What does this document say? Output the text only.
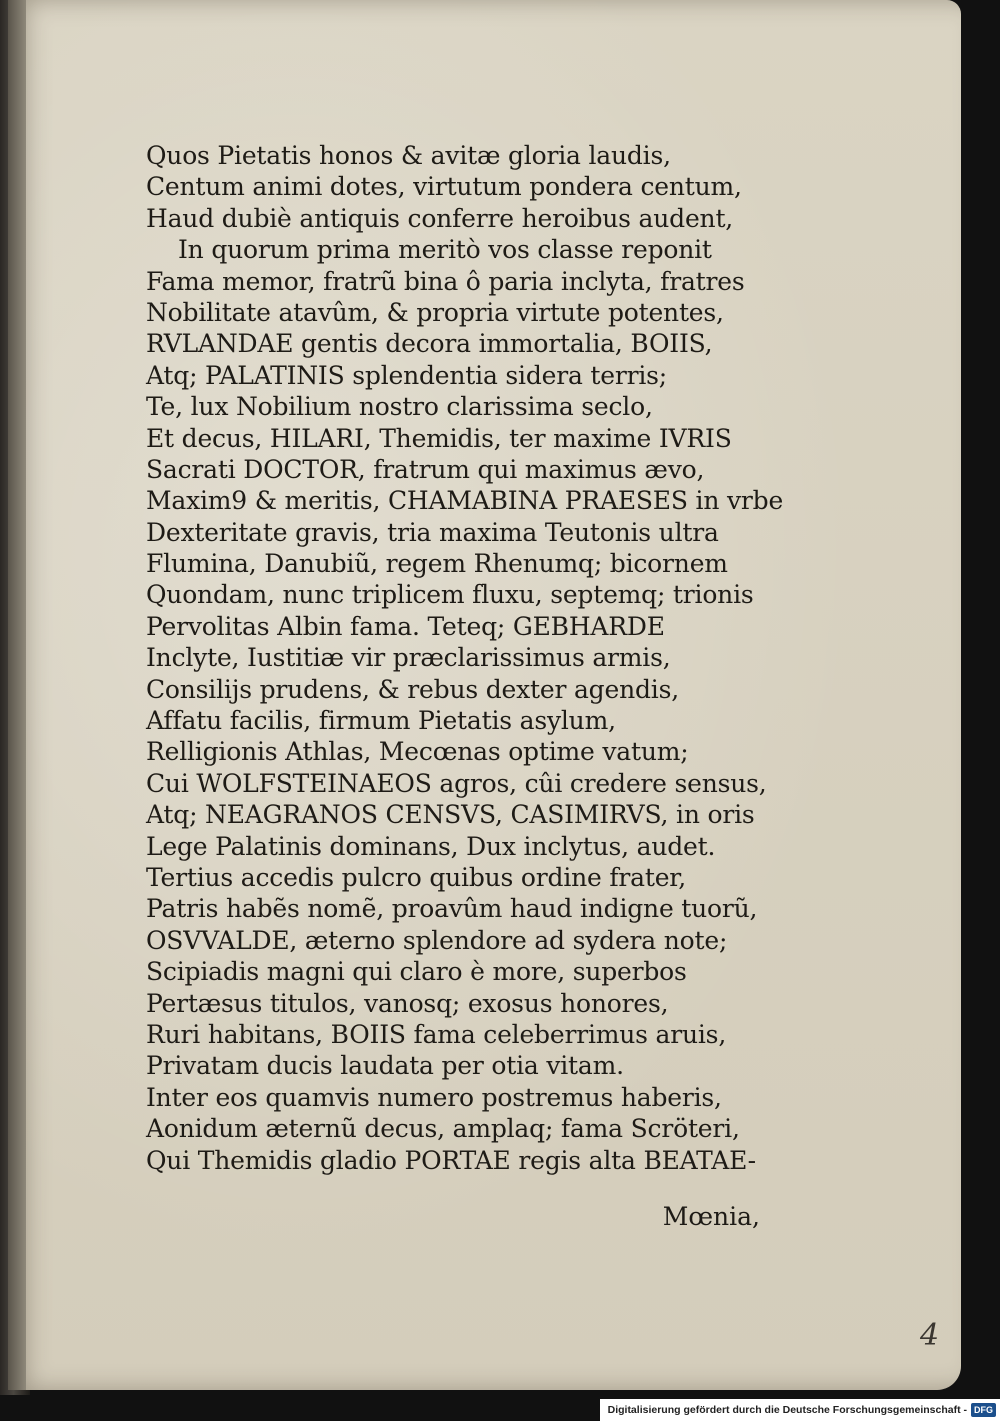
Quos Pietatis honos & avitæ gloria laudis,
Centum animi dotes, virtutum pondera centum,
Haud dubiè antiquis conferre heroibus audent,
In quorum prima meritò vos classe reponit
Fama memor, fratrũ bina ô paria inclyta, fratres
Nobilitate atavûm, & propria virtute potentes,
RVLANDAE gentis decora immortalia, BOIIS,
Atq; PALATINIS splendentia sidera terris;
Te, lux Nobilium nostro clarissima seclo,
Et decus, HILARI, Themidis, ter maxime IVRIS
Sacrati DOCTOR, fratrum qui maximus ævo,
Maxim9 & meritis, CHAMABINA PRAESES in vrbe
Dexteritate gravis, tria maxima Teutonis ultra
Flumina, Danubiũ, regem Rhenumq; bicornem
Quondam, nunc triplicem fluxu, septemq; trionis
Pervolitas Albin fama. Teteq; GEBHARDE
Inclyte, Iustitiæ vir præclarissimus armis,
Consilijs prudens, & rebus dexter agendis,
Affatu facilis, firmum Pietatis asylum,
Relligionis Athlas, Mecœnas optime vatum;
Cui WOLFSTEINAEOS agros, cûi credere sensus,
Atq; NEAGRANOS CENSVS, CASIMIRVS, in oris
Lege Palatinis dominans, Dux inclytus, audet.
Tertius accedis pulcro quibus ordine frater,
Patris habẽs nomẽ, proavûm haud indigne tuorũ,
OSVVALDE, æterno splendore ad sydera note;
Scipiadis magni qui claro è more, superbos
Pertæsus titulos, vanosq; exosus honores,
Ruri habitans, BOIIS fama celeberrimus aruis,
Privatam ducis laudata per otia vitam.
Inter eos quamvis numero postremus haberis,
Aonidum æternũ decus, amplaq; fama Scröteri,
Qui Themidis gladio PORTAE regis alta BEATAE-
Mœnia,
4
Digitalisierung gefördert durch die Deutsche Forschungsgemeinschaft - DFG
